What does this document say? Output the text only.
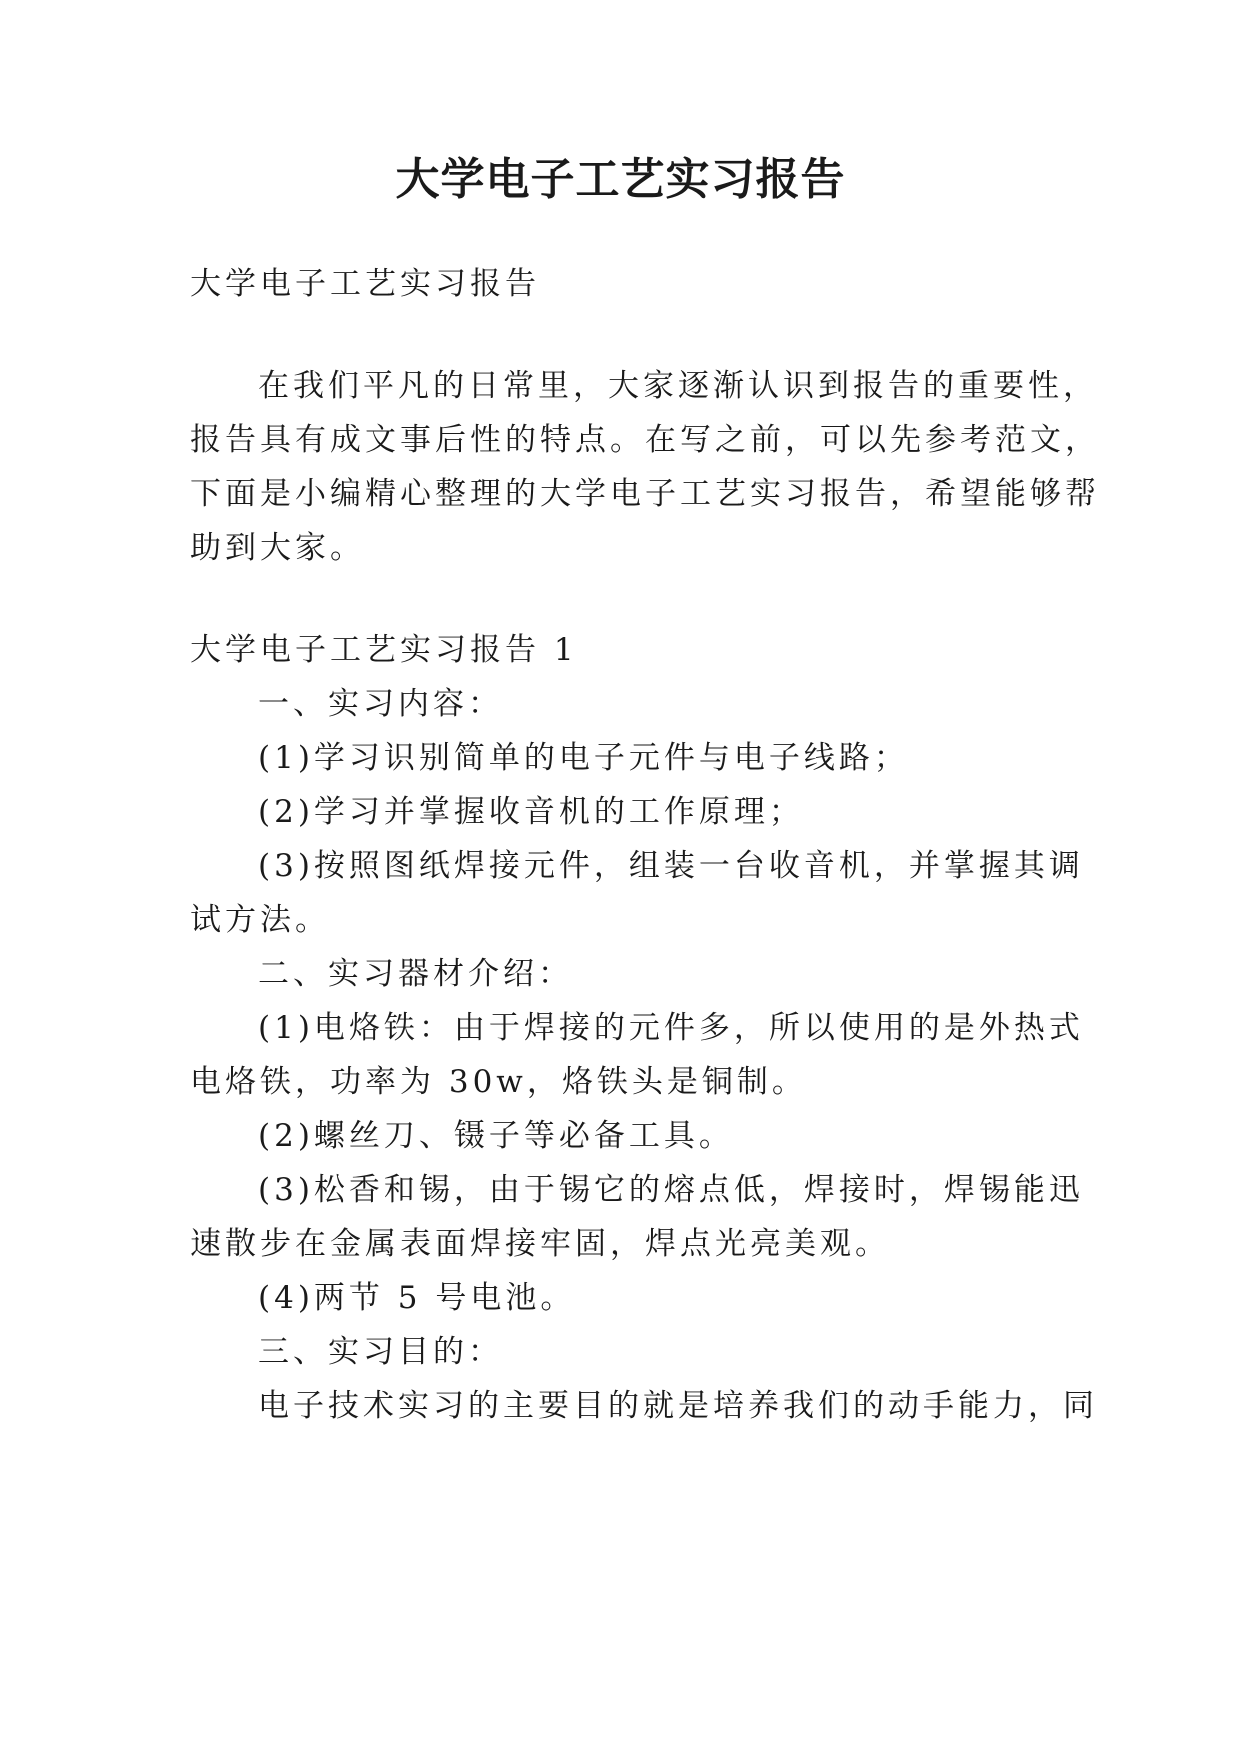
大学电子工艺实习报告
大学电子工艺实习报告
在我们平凡的日常里，大家逐渐认识到报告的重要性，
报告具有成文事后性的特点。在写之前，可以先参考范文，
下面是小编精心整理的大学电子工艺实习报告，希望能够帮
助到大家。
大学电子工艺实习报告 1
一、实习内容：
(1)学习识别简单的电子元件与电子线路；
(2)学习并掌握收音机的工作原理；
(3)按照图纸焊接元件，组装一台收音机，并掌握其调
试方法。
二、实习器材介绍：
(1)电烙铁：由于焊接的元件多，所以使用的是外热式
电烙铁，功率为 30w，烙铁头是铜制。
(2)螺丝刀、镊子等必备工具。
(3)松香和锡，由于锡它的熔点低，焊接时，焊锡能迅
速散步在金属表面焊接牢固，焊点光亮美观。
(4)两节 5 号电池。
三、实习目的：
电子技术实习的主要目的就是培养我们的动手能力，同
